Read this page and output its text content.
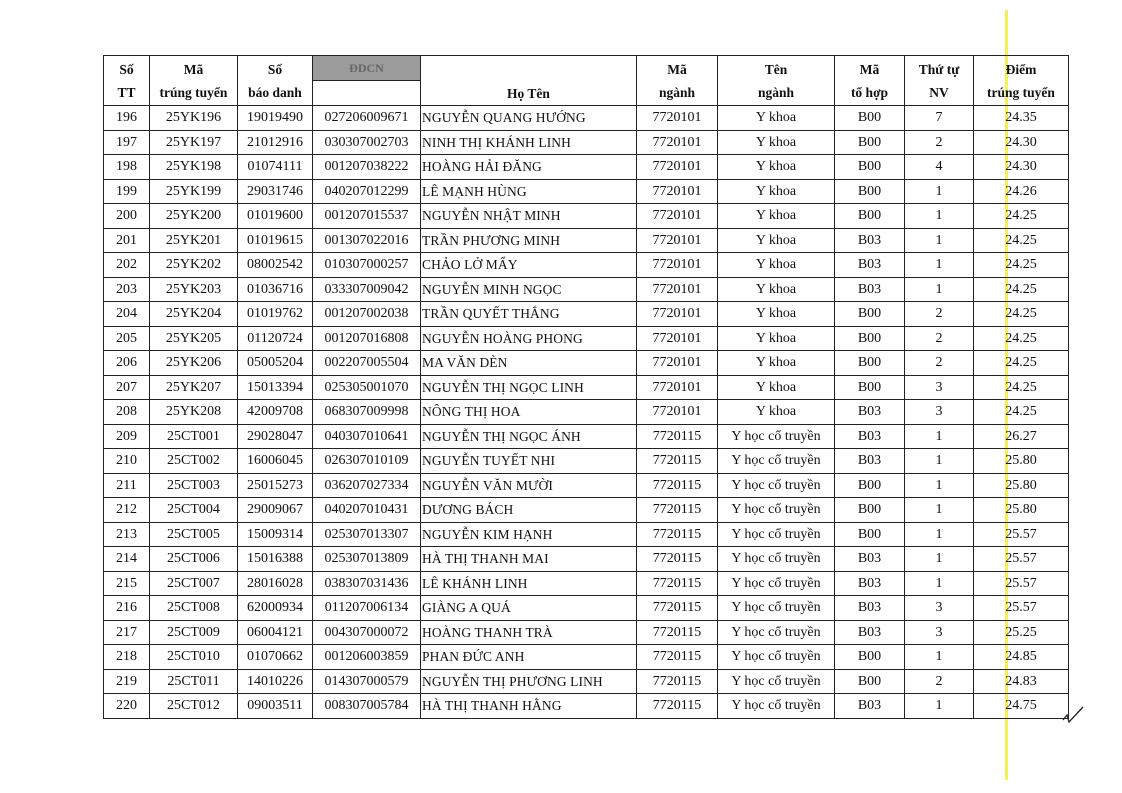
Số	Mã	Số	ĐDCN	Họ Tên	Mã	Tên	Mã	Thứ tự	Điểm
TT	trúng tuyển	báo danh			ngành	ngành	tổ hợp	NV	trúng tuyển
196	25YK196	19019490	027206009671	NGUYỄN QUANG HƯỚNG	7720101	Y khoa	B00	7	24.35
197	25YK197	21012916	030307002703	NINH THỊ KHÁNH LINH	7720101	Y khoa	B00	2	24.30
198	25YK198	01074111	001207038222	HOÀNG HẢI ĐĂNG	7720101	Y khoa	B00	4	24.30
199	25YK199	29031746	040207012299	LÊ MẠNH HÙNG	7720101	Y khoa	B00	1	24.26
200	25YK200	01019600	001207015537	NGUYỄN NHẬT MINH	7720101	Y khoa	B00	1	24.25
201	25YK201	01019615	001307022016	TRẦN PHƯƠNG MINH	7720101	Y khoa	B03	1	24.25
202	25YK202	08002542	010307000257	CHẢO LỞ MẨY	7720101	Y khoa	B03	1	24.25
203	25YK203	01036716	033307009042	NGUYỄN MINH NGỌC	7720101	Y khoa	B03	1	24.25
204	25YK204	01019762	001207002038	TRẦN QUYẾT THẮNG	7720101	Y khoa	B00	2	24.25
205	25YK205	01120724	001207016808	NGUYỄN HOÀNG PHONG	7720101	Y khoa	B00	2	24.25
206	25YK206	05005204	002207005504	MA VĂN DÈN	7720101	Y khoa	B00	2	24.25
207	25YK207	15013394	025305001070	NGUYỄN THỊ NGỌC LINH	7720101	Y khoa	B00	3	24.25
208	25YK208	42009708	068307009998	NÔNG THỊ HOA	7720101	Y khoa	B03	3	24.25
209	25CT001	29028047	040307010641	NGUYỄN THỊ NGỌC ÁNH	7720115	Y học cổ truyền	B03	1	26.27
210	25CT002	16006045	026307010109	NGUYỄN TUYẾT NHI	7720115	Y học cổ truyền	B03	1	25.80
211	25CT003	25015273	036207027334	NGUYỄN VĂN MƯỜI	7720115	Y học cổ truyền	B00	1	25.80
212	25CT004	29009067	040207010431	DƯƠNG BÁCH	7720115	Y học cổ truyền	B00	1	25.80
213	25CT005	15009314	025307013307	NGUYỄN KIM HẠNH	7720115	Y học cổ truyền	B00	1	25.57
214	25CT006	15016388	025307013809	HÀ THỊ THANH MAI	7720115	Y học cổ truyền	B03	1	25.57
215	25CT007	28016028	038307031436	LÊ KHÁNH LINH	7720115	Y học cổ truyền	B03	1	25.57
216	25CT008	62000934	011207006134	GIÀNG A QUÁ	7720115	Y học cổ truyền	B03	3	25.57
217	25CT009	06004121	004307000072	HOÀNG THANH TRÀ	7720115	Y học cổ truyền	B03	3	25.25
218	25CT010	01070662	001206003859	PHAN ĐỨC ANH	7720115	Y học cổ truyền	B00	1	24.85
219	25CT011	14010226	014307000579	NGUYỄN THỊ PHƯƠNG LINH	7720115	Y học cổ truyền	B00	2	24.83
220	25CT012	09003511	008307005784	HÀ THỊ THANH HẰNG	7720115	Y học cổ truyền	B03	1	24.75
